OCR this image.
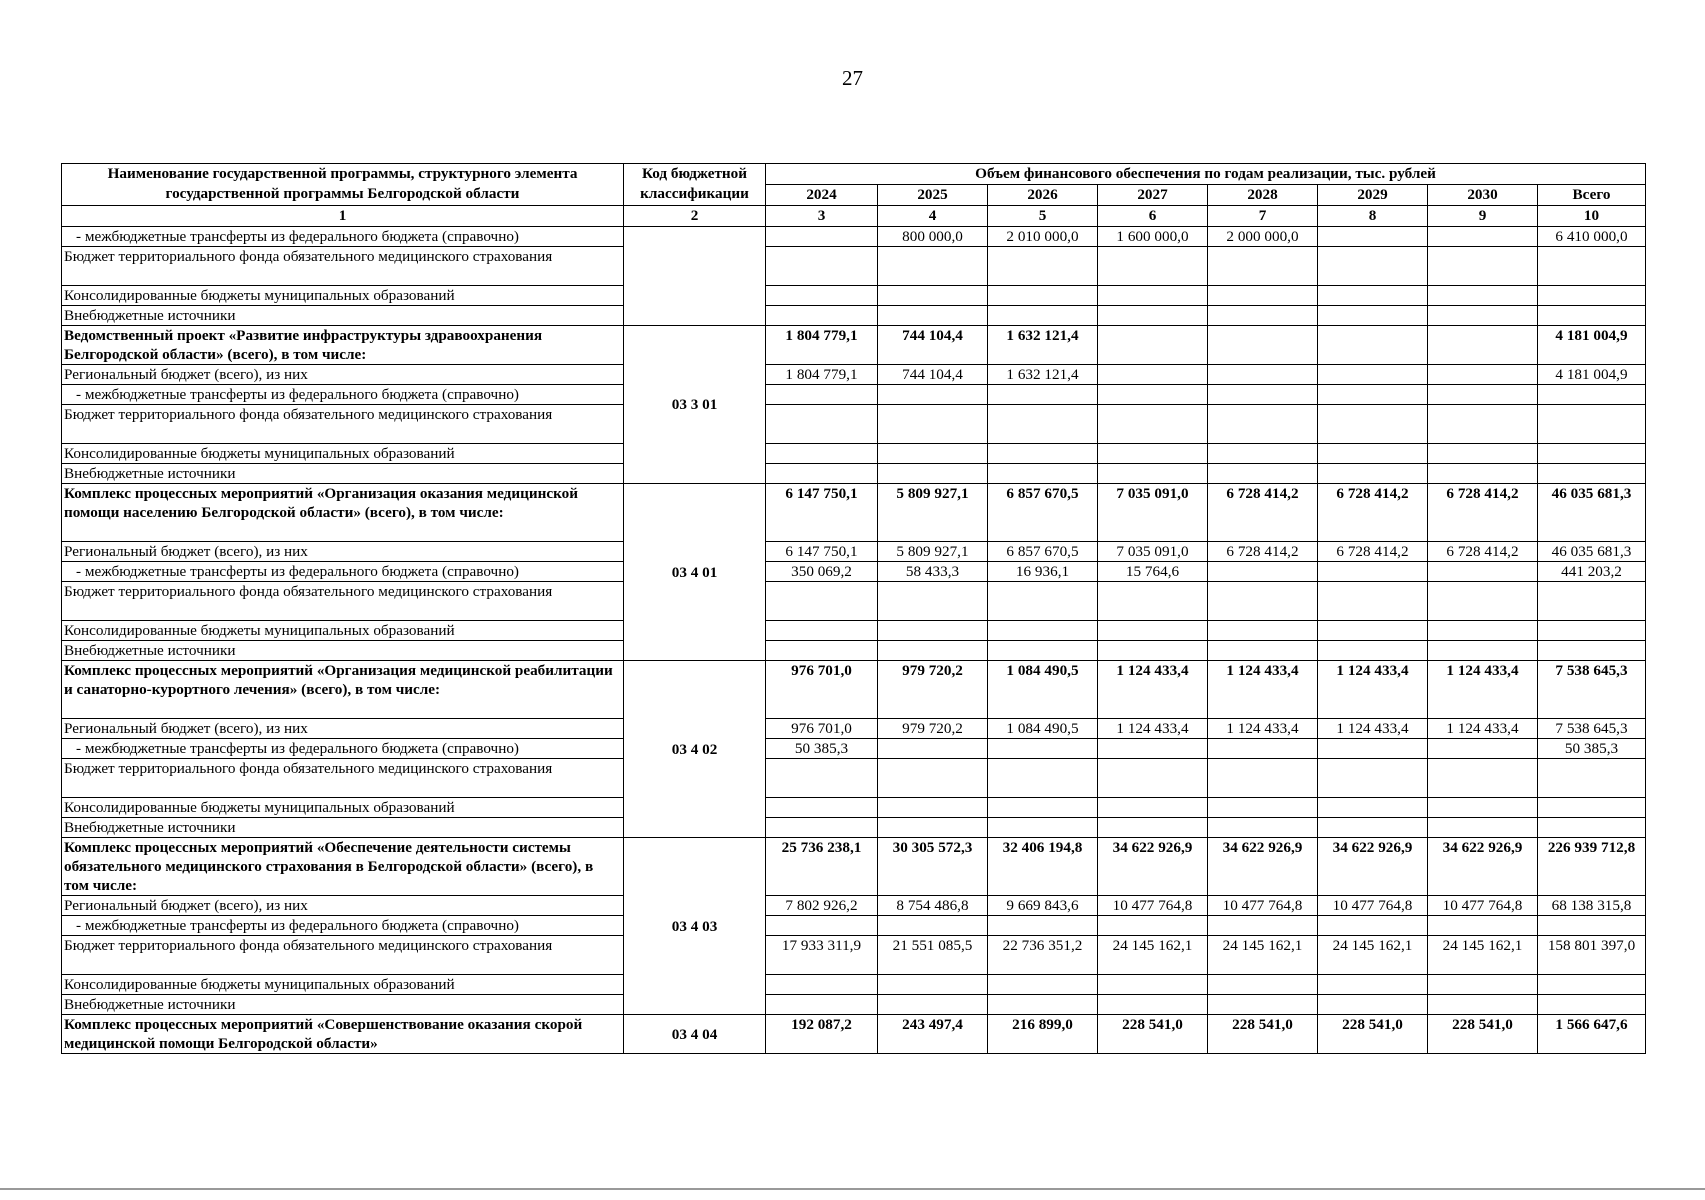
27
Наименование государственной программы, структурного элемента государственной программы Белгородской области	Код бюджетной классификации	Объем финансового обеспечения по годам реализации, тыс. рублей							
		2024	2025	2026	2027	2028	2029	2030	Всего
1	2	3	4	5	6	7	8	9	10
- межбюджетные трансферты из федерального бюджета (справочно)			800 000,0	2 010 000,0	1 600 000,0	2 000 000,0			6 410 000,0
Бюджет территориального фонда обязательного медицинского страхования									
Консолидированные бюджеты муниципальных образований									
Внебюджетные источники									
Ведомственный проект «Развитие инфраструктуры здравоохранения Белгородской области» (всего), в том числе:	03 3 01	1 804 779,1	744 104,4	1 632 121,4					4 181 004,9
Региональный бюджет (всего), из них		1 804 779,1	744 104,4	1 632 121,4					4 181 004,9
- межбюджетные трансферты из федерального бюджета (справочно)									
Бюджет территориального фонда обязательного медицинского страхования									
Консолидированные бюджеты муниципальных образований									
Внебюджетные источники									
Комплекс процессных мероприятий «Организация оказания медицинской помощи населению Белгородской области» (всего), в том числе:	03 4 01	6 147 750,1	5 809 927,1	6 857 670,5	7 035 091,0	6 728 414,2	6 728 414,2	6 728 414,2	46 035 681,3
Региональный бюджет (всего), из них		6 147 750,1	5 809 927,1	6 857 670,5	7 035 091,0	6 728 414,2	6 728 414,2	6 728 414,2	46 035 681,3
- межбюджетные трансферты из федерального бюджета (справочно)		350 069,2	58 433,3	16 936,1	15 764,6				441 203,2
Бюджет территориального фонда обязательного медицинского страхования									
Консолидированные бюджеты муниципальных образований									
Внебюджетные источники									
Комплекс процессных мероприятий «Организация медицинской реабилитации и санаторно-курортного лечения» (всего), в том числе:	03 4 02	976 701,0	979 720,2	1 084 490,5	1 124 433,4	1 124 433,4	1 124 433,4	1 124 433,4	7 538 645,3
Региональный бюджет (всего), из них		976 701,0	979 720,2	1 084 490,5	1 124 433,4	1 124 433,4	1 124 433,4	1 124 433,4	7 538 645,3
- межбюджетные трансферты из федерального бюджета (справочно)		50 385,3							50 385,3
Бюджет территориального фонда обязательного медицинского страхования									
Консолидированные бюджеты муниципальных образований									
Внебюджетные источники									
Комплекс процессных мероприятий «Обеспечение деятельности системы обязательного медицинского страхования в Белгородской области» (всего), в том числе:	03 4 03	25 736 238,1	30 305 572,3	32 406 194,8	34 622 926,9	34 622 926,9	34 622 926,9	34 622 926,9	226 939 712,8
Региональный бюджет (всего), из них		7 802 926,2	8 754 486,8	9 669 843,6	10 477 764,8	10 477 764,8	10 477 764,8	10 477 764,8	68 138 315,8
- межбюджетные трансферты из федерального бюджета (справочно)									
Бюджет территориального фонда обязательного медицинского страхования		17 933 311,9	21 551 085,5	22 736 351,2	24 145 162,1	24 145 162,1	24 145 162,1	24 145 162,1	158 801 397,0
Консолидированные бюджеты муниципальных образований									
Внебюджетные источники									
Комплекс процессных мероприятий «Совершенствование оказания скорой медицинской помощи Белгородской области»	03 4 04	192 087,2	243 497,4	216 899,0	228 541,0	228 541,0	228 541,0	228 541,0	1 566 647,6
